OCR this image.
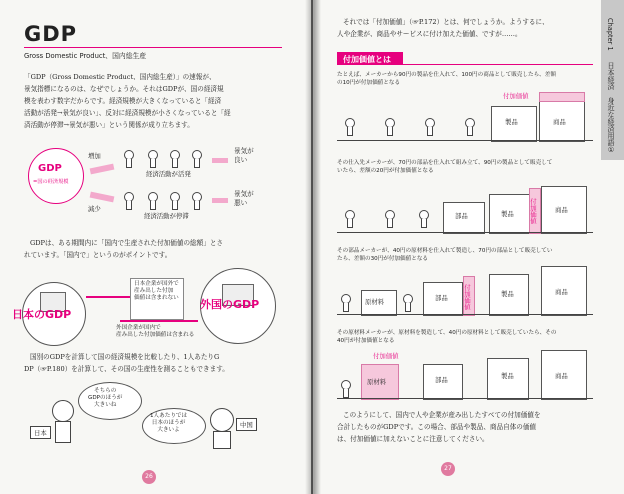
GDP
Gross Domestic Product、国内総生産
「GDP（Gross Domestic Product、国内総生産）」の速報が、
景気指標になるのは、なぜでしょうか。それはGDPが、国の経済規
模を表わす数字だからです。経済規模が大きくなっていると「経済
活動が活発→景気が良い」、反対に経済規模が小さくなっていると「経
済活動が停滞→景気が悪い」という関係が成り立ちます。
GDP
=国の経済規模
増加
減少
経済活動が活発
経済活動が停滞
景気が
良い
景気が
悪い
GDPは、ある期間内に「国内で生産された付加価値の総額」とさ
れています。「国内で」というのがポイントです。
日本のGDP
外国のGDP
日本企業が国外で
産み出した付加
価値は含まれない
外国企業が国内で
産み出した付加価値は含まれる
国別のGDPを計算して国の経済規模を比較したり、1人あたりG
DP（☞P.180）を計算して、その国の生産性を測ることもできます。
そちらの
GDPのほうが
大きいね
1人あたりでは
日本のほうが
大きいよ
日本
中国
26
それでは「付加価値」（☞P.172）とは、何でしょうか。ようするに、
人や企業が、商品やサービスに付け加えた価値、ですが……。
付加価値とは
たとえば、メーカーから90円の製品を仕入れて、100円の商品として販売したら、差額
の10円が付加価値となる
製品	商品
付加価値
その仕入先メーカーが、70円の部品を仕入れて組み立て、90円の製品として販売して
いたら、差額の20円が付加価値となる
部品	製品 付加価値	商品
その部品メーカーが、40円の原材料を仕入れて製造し、70円の部品として販売してい
たら、差額の30円が付加価値となる
原材料	部品 付加価値	製品	商品
その原材料メーカーが、原材料を製造して、40円の原材料として販売していたら、その
40円が付加価値となる
原材料
付加価値
部品	製品	商品
このようにして、国内で人や企業が産み出したすべての付加価値を
合計したものがGDPです。この場合、部品や製品、商品自体の価値
は、付加価値に加えないことに注意してください。
Chapter 1
日本経済　身近な経済用語①
27
